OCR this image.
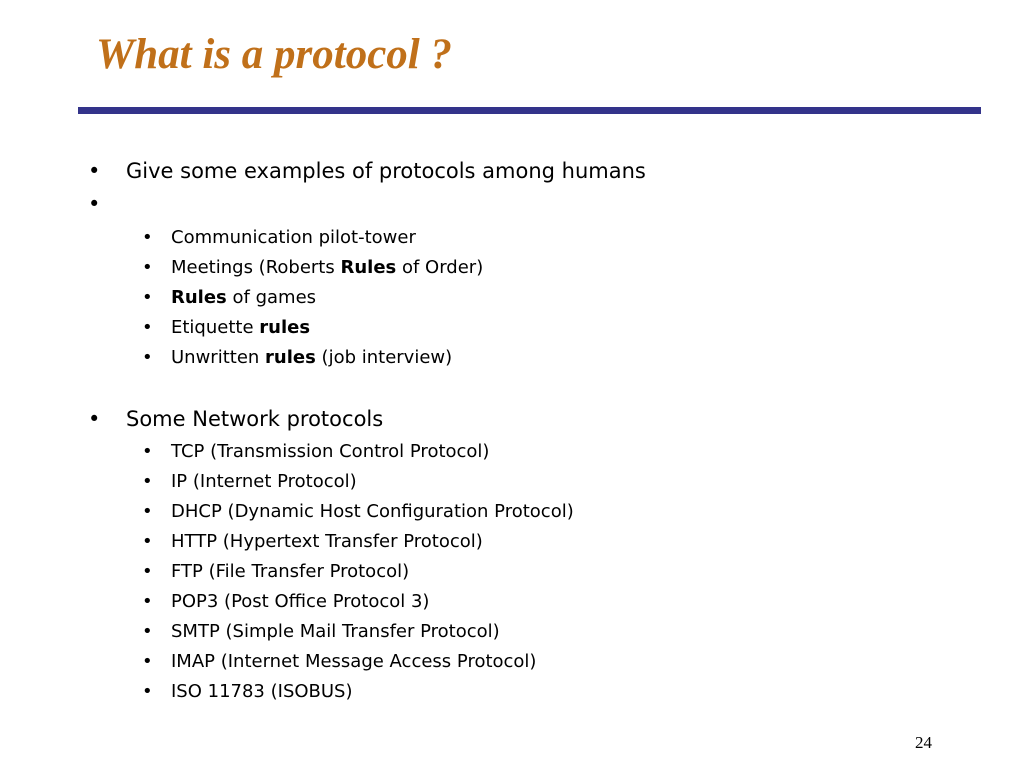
What is a protocol ?
• Give some examples of protocols among humans
•
• Communication pilot-tower
• Meetings (Roberts Rules of Order)
• Rules of games
• Etiquette rules
• Unwritten rules (job interview)
• Some Network protocols
• TCP (Transmission Control Protocol)
• IP (Internet Protocol)
• DHCP (Dynamic Host Configuration Protocol)
• HTTP (Hypertext Transfer Protocol)
• FTP (File Transfer Protocol)
• POP3 (Post Office Protocol 3)
• SMTP (Simple Mail Transfer Protocol)
• IMAP (Internet Message Access Protocol)
• ISO 11783 (ISOBUS)
24
